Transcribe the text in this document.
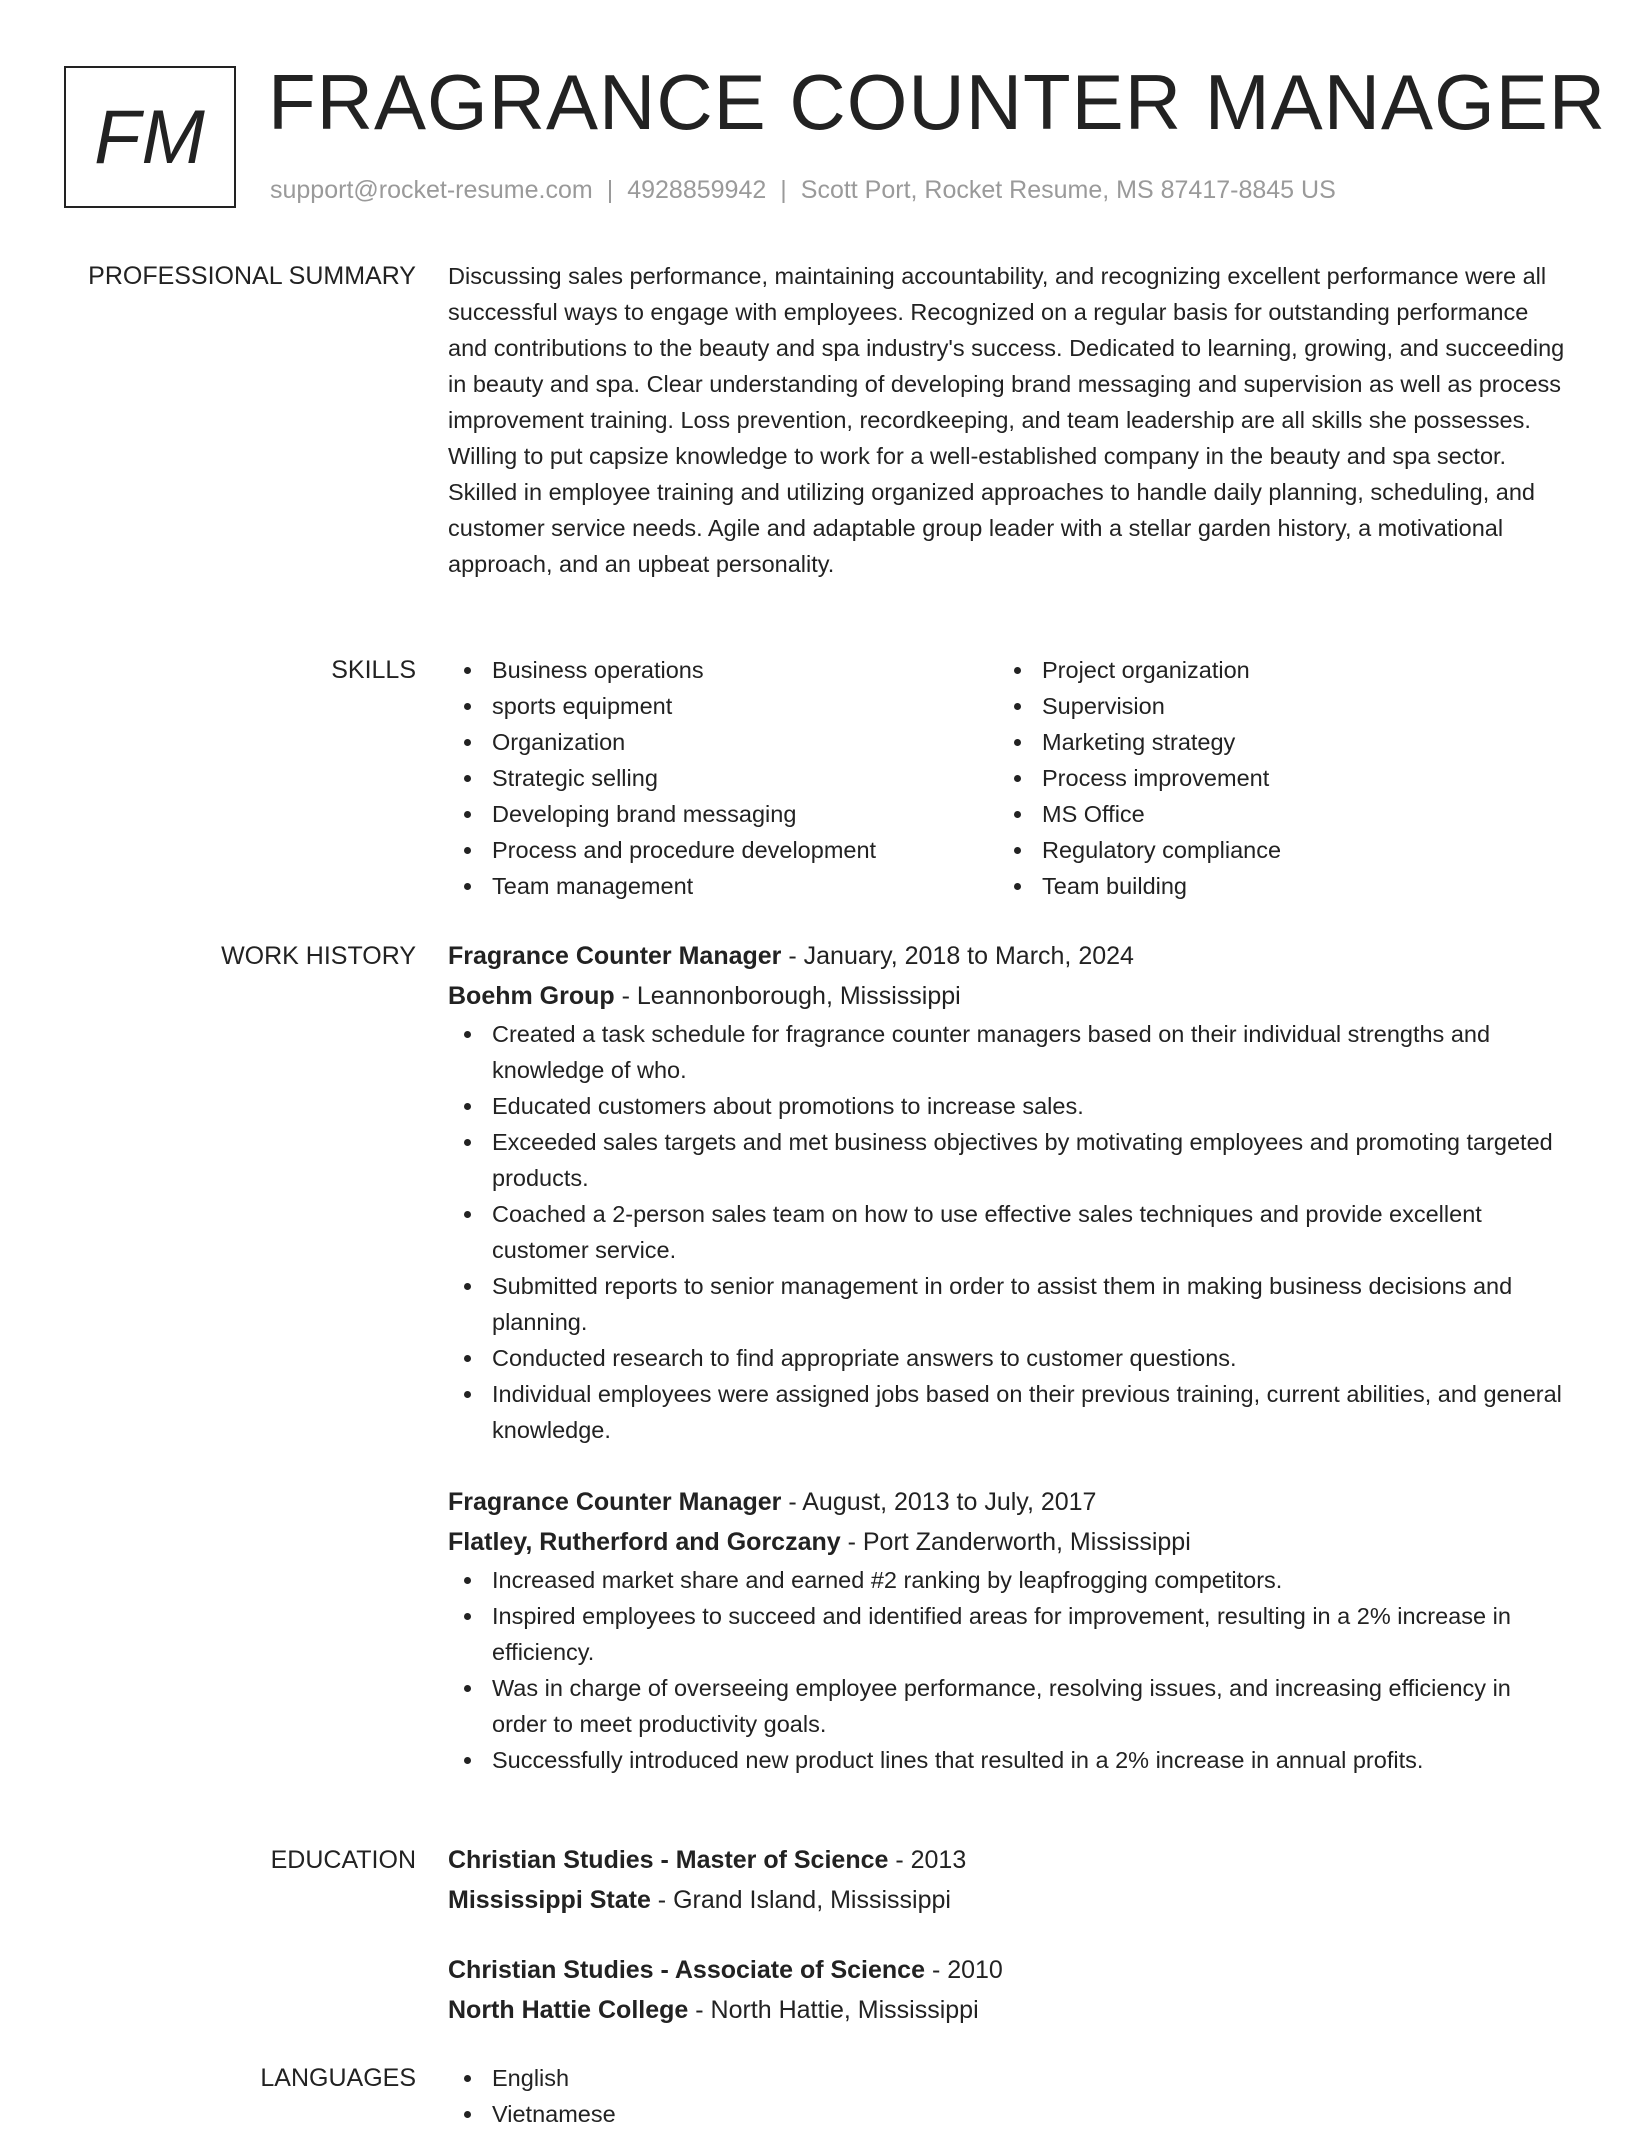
FM FRAGRANCE COUNTER MANAGER
support@rocket-resume.com | 4928859942 | Scott Port, Rocket Resume, MS 87417-8845 US
PROFESSIONAL SUMMARY Discussing sales performance, maintaining accountability, and recognizing excellent performance were all successful ways to engage with employees. Recognized on a regular basis for outstanding performance and contributions to the beauty and spa industry's success. Dedicated to learning, growing, and succeeding in beauty and spa. Clear understanding of developing brand messaging and supervision as well as process improvement training. Loss prevention, recordkeeping, and team leadership are all skills she possesses. Willing to put capsize knowledge to work for a well-established company in the beauty and spa sector. Skilled in employee training and utilizing organized approaches to handle daily planning, scheduling, and customer service needs. Agile and adaptable group leader with a stellar garden history, a motivational approach, and an upbeat personality.

SKILLS	Business operations
sports equipment
Organization
Strategic selling
Developing brand messaging
Process and procedure development
Team management
Project organization
Supervision
Marketing strategy
Process improvement
MS Office
Regulatory compliance
Team building
WORK HISTORY Fragrance Counter Manager - January, 2018 to March, 2024
Boehm Group - Leannonborough, Mississippi
Created a task schedule for fragrance counter managers based on their individual strengths and knowledge of who.
Educated customers about promotions to increase sales.
Exceeded sales targets and met business objectives by motivating employees and promoting targeted products.
Coached a 2-person sales team on how to use effective sales techniques and provide excellent customer service.
Submitted reports to senior management in order to assist them in making business decisions and planning.
Conducted research to find appropriate answers to customer questions.
Individual employees were assigned jobs based on their previous training, current abilities, and general knowledge.
Fragrance Counter Manager - August, 2013 to July, 2017
Flatley, Rutherford and Gorczany - Port Zanderworth, Mississippi
Increased market share and earned #2 ranking by leapfrogging competitors.
Inspired employees to succeed and identified areas for improvement, resulting in a 2% increase in efficiency.
Was in charge of overseeing employee performance, resolving issues, and increasing efficiency in order to meet productivity goals.
Successfully introduced new product lines that resulted in a 2% increase in annual profits.
EDUCATION Christian Studies - Master of Science - 2013
Mississippi State - Grand Island, Mississippi
Christian Studies - Associate of Science - 2010
North Hattie College - North Hattie, Mississippi
LANGUAGES	English
Vietnamese
